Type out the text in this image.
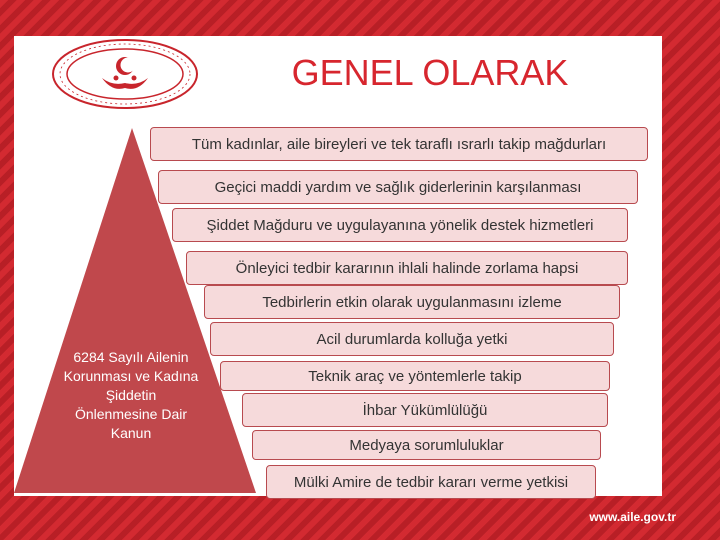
GENEL OLARAK
6284 Sayılı Ailenin
Korunması ve Kadına
Şiddetin
Önlenmesine Dair
Kanun
Tüm kadınlar, aile bireyleri ve tek taraflı ısrarlı takip mağdurları
Geçici maddi yardım ve sağlık giderlerinin karşılanması
Şiddet Mağduru ve uygulayanına yönelik destek hizmetleri
Önleyici tedbir kararının ihlali halinde zorlama hapsi
Tedbirlerin etkin olarak uygulanmasını izleme
Acil durumlarda kolluğa yetki
Teknik araç ve yöntemlerle takip
İhbar Yükümlülüğü
Medyaya sorumluluklar
Mülki Amire de tedbir kararı verme yetkisi
www.aile.gov.tr
